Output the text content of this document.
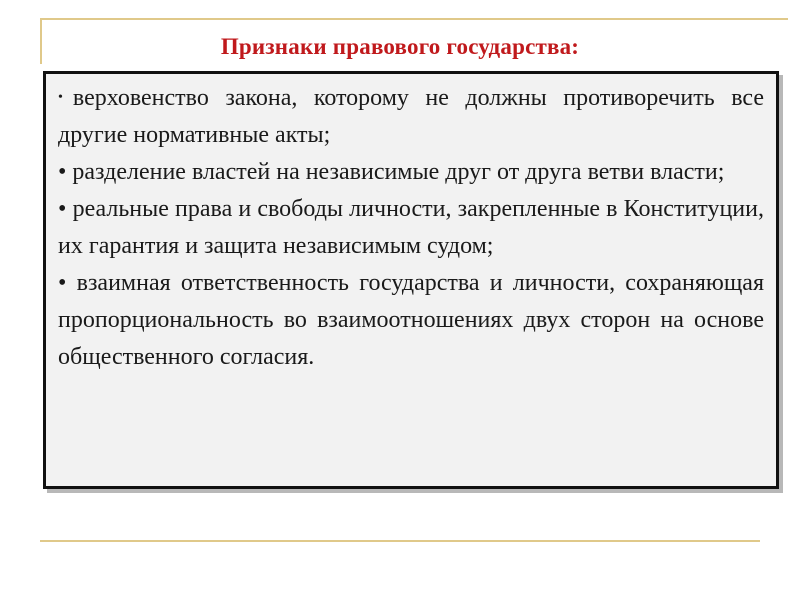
Признаки правового государства:

• верховенство закона, которому не должны противоречить все другие нормативные акты;

• разделение властей на независимые друг от друга ветви власти;

• реальные права и свободы личности, закрепленные в Конституции, их гарантия и защита независимым судом;

• взаимная ответственность государства и личности, сохраняющая пропорциональность во взаимоотношениях двух сторон на основе общественного согласия.
